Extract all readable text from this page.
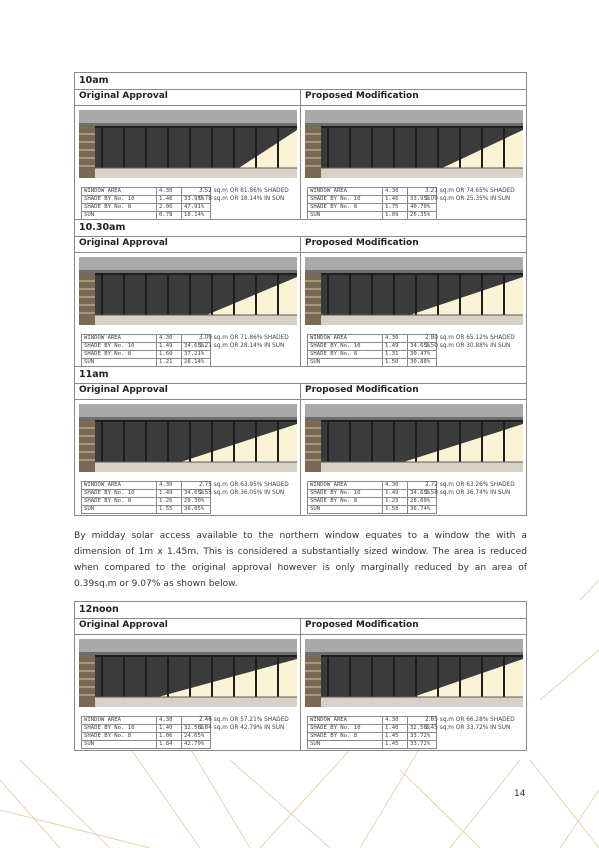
10am
Original Approval	Proposed Modification
WINDOW AREA	4.30	
SHADE BY No. 10	1.46	33.95%
SHADE BY No. 8	2.06	47.91%
SUN	0.78	18.14%
3.52 sq.m OR 81.86% SHADED
0.78 sq.m OR 18.14% IN SUN
WINDOW AREA	4.30	
SHADE BY No. 10	1.46	33.95%
SHADE BY No. 8	1.75	40.70%
SUN	1.09	25.35%
3.21 sq.m OR 74.65% SHADED
1.09 sq.m OR 25.35% IN SUN
10.30am
Original Approval	Proposed Modification
WINDOW AREA	4.30	
SHADE BY No. 10	1.49	34.65%
SHADE BY No. 8	1.60	37.21%
SUN	1.21	28.14%
3.09 sq.m OR 71.86% SHADED
1.21 sq.m OR 28.14% IN SUN
WINDOW AREA	4.30	
SHADE BY No. 10	1.49	34.65%
SHADE BY No. 8	1.31	30.47%
SUN	1.50	30.88%
2.80 sq.m OR 65.12% SHADED
1.50 sq.m OR 30.88% IN SUN
11am
Original Approval	Proposed Modification
WINDOW AREA	4.30	
SHADE BY No. 10	1.49	34.65%
SHADE BY No. 8	1.26	29.30%
SUN	1.55	36.05%
2.75 sq.m OR 63.95% SHADED
1.55 sq.m OR 36.05% IN SUN
WINDOW AREA	4.30	
SHADE BY No. 10	1.49	34.65%
SHADE BY No. 8	1.23	28.60%
SUN	1.58	36.74%
2.72 sq.m OR 63.26% SHADED
1.58 sq.m OR 36.74% IN SUN
By midday solar access available to the northern window equates to a window the with a dimension of 1m x 1.45m. This is considered a substantially sized window. The area is reduced when compared to the original approval however is only marginally reduced by an area of 0.39sq.m or 9.07% as shown below.
12noon
Original Approval	Proposed Modification
WINDOW AREA	4.30	
SHADE BY No. 10	1.40	32.56%
SHADE BY No. 8	1.06	24.65%
SUN	1.84	42.79%
2.46 sq.m OR 57.21% SHADED
1.84 sq.m OR 42.79% IN SUN
WINDOW AREA	4.30	
SHADE BY No. 10	1.40	32.56%
SHADE BY No. 8	1.45	33.72%
SUN	1.45	33.72%
2.85 sq.m OR 66.28% SHADED
1.45 sq.m OR 33.72% IN SUN
14
